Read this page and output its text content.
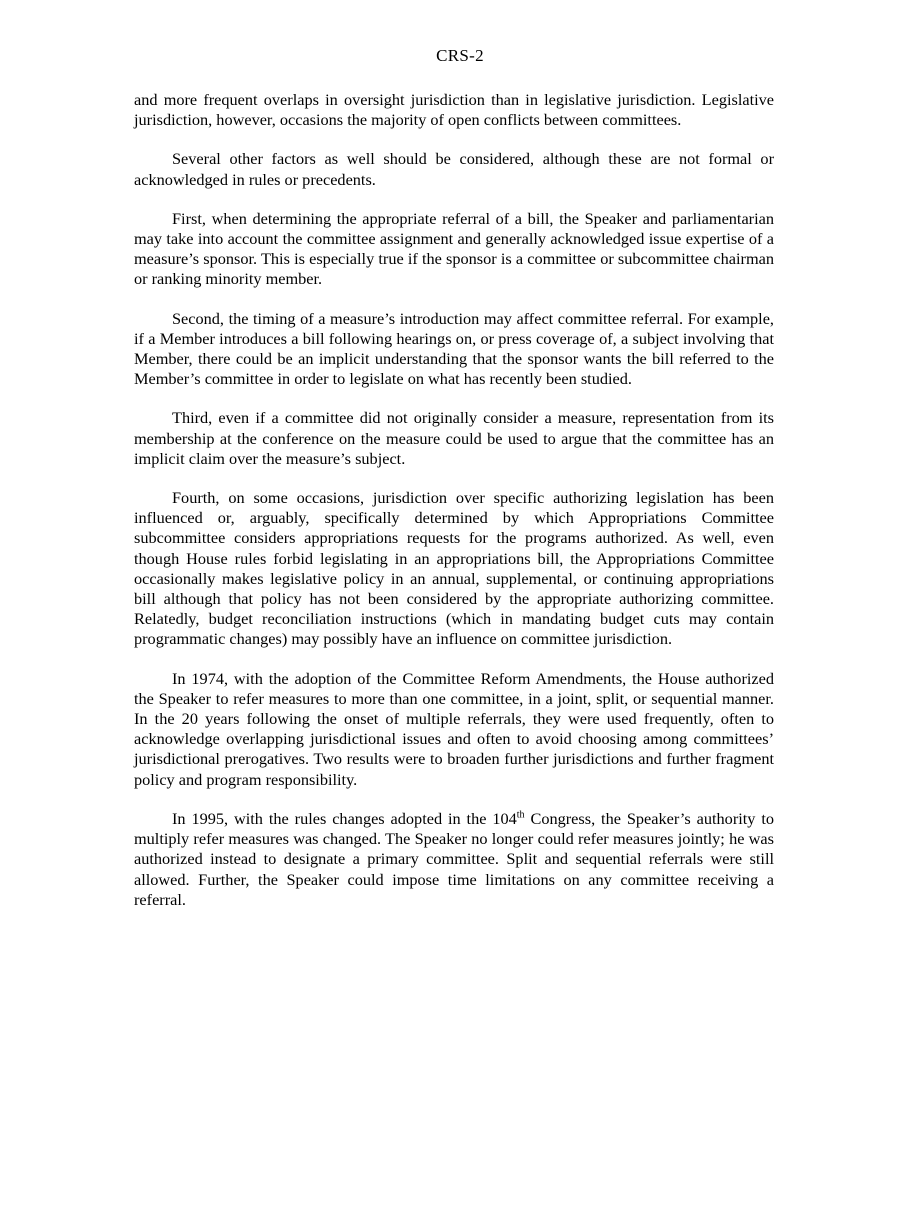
CRS-2

and more frequent overlaps in oversight jurisdiction than in legislative jurisdiction. Legislative jurisdiction, however, occasions the majority of open conflicts between committees.

Several other factors as well should be considered, although these are not formal or acknowledged in rules or precedents.

First, when determining the appropriate referral of a bill, the Speaker and parliamentarian may take into account the committee assignment and generally acknowledged issue expertise of a measure’s sponsor. This is especially true if the sponsor is a committee or subcommittee chairman or ranking minority member.

Second, the timing of a measure’s introduction may affect committee referral. For example, if a Member introduces a bill following hearings on, or press coverage of, a subject involving that Member, there could be an implicit understanding that the sponsor wants the bill referred to the Member’s committee in order to legislate on what has recently been studied.

Third, even if a committee did not originally consider a measure, representation from its membership at the conference on the measure could be used to argue that the committee has an implicit claim over the measure’s subject.

Fourth, on some occasions, jurisdiction over specific authorizing legislation has been influenced or, arguably, specifically determined by which Appropriations Committee subcommittee considers appropriations requests for the programs authorized. As well, even though House rules forbid legislating in an appropriations bill, the Appropriations Committee occasionally makes legislative policy in an annual, supplemental, or continuing appropriations bill although that policy has not been considered by the appropriate authorizing committee. Relatedly, budget reconciliation instructions (which in mandating budget cuts may contain programmatic changes) may possibly have an influence on committee jurisdiction.

In 1974, with the adoption of the Committee Reform Amendments, the House authorized the Speaker to refer measures to more than one committee, in a joint, split, or sequential manner. In the 20 years following the onset of multiple referrals, they were used frequently, often to acknowledge overlapping jurisdictional issues and often to avoid choosing among committees’ jurisdictional prerogatives. Two results were to broaden further jurisdictions and further fragment policy and program responsibility.

In 1995, with the rules changes adopted in the 104th Congress, the Speaker’s authority to multiply refer measures was changed. The Speaker no longer could refer measures jointly; he was authorized instead to designate a primary committee. Split and sequential referrals were still allowed. Further, the Speaker could impose time limitations on any committee receiving a referral.
